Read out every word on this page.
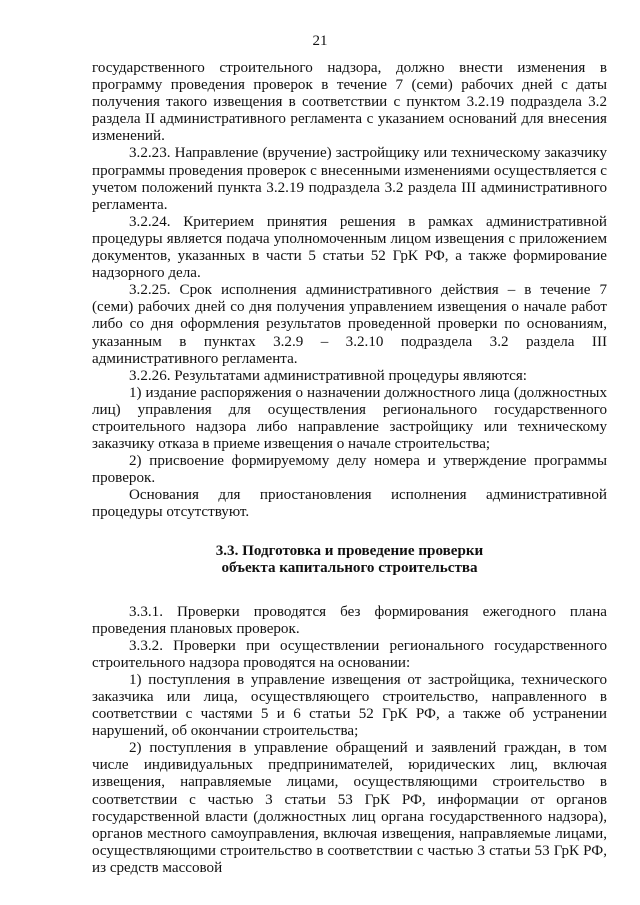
21

государственного строительного надзора, должно внести изменения в программу проведения проверок в течение 7 (семи) рабочих дней с даты получения такого извещения в соответствии с пунктом 3.2.19 подраздела 3.2 раздела II административного регламента с указанием оснований для внесения изменений.

3.2.23. Направление (вручение) застройщику или техническому заказчику программы проведения проверок с внесенными изменениями осуществляется с учетом положений пункта 3.2.19 подраздела 3.2 раздела III административного регламента.

3.2.24. Критерием принятия решения в рамках административной процедуры является подача уполномоченным лицом извещения с приложением документов, указанных в части 5 статьи 52 ГрК РФ, а также формирование надзорного дела.

3.2.25. Срок исполнения административного действия – в течение 7 (семи) рабочих дней со дня получения управлением извещения о начале работ либо со дня оформления результатов проведенной проверки по основаниям, указанным в пунктах 3.2.9 – 3.2.10 подраздела 3.2 раздела III административного регламента.

3.2.26. Результатами административной процедуры являются:

1) издание распоряжения о назначении должностного лица (должностных лиц) управления для осуществления регионального государственного строительного надзора либо направление застройщику или техническому заказчику отказа в приеме извещения о начале строительства;

2) присвоение формируемому делу номера и утверждение программы проверок.

Основания для приостановления исполнения административной процедуры отсутствуют.

3.3. Подготовка и проведение проверки
объекта капитального строительства

3.3.1. Проверки проводятся без формирования ежегодного плана проведения плановых проверок.

3.3.2. Проверки при осуществлении регионального государственного строительного надзора проводятся на основании:

1) поступления в управление извещения от застройщика, технического заказчика или лица, осуществляющего строительство, направленного в соответствии с частями 5 и 6 статьи 52 ГрК РФ, а также об устранении нарушений, об окончании строительства;

2) поступления в управление обращений и заявлений граждан, в том числе индивидуальных предпринимателей, юридических лиц, включая извещения, направляемые лицами, осуществляющими строительство в соответствии с частью 3 статьи 53 ГрК РФ, информации от органов государственной власти (должностных лиц органа государственного надзора), органов местного самоуправления, включая извещения, направляемые лицами, осуществляющими строительство в соответствии с частью 3 статьи 53 ГрК РФ, из средств массовой
